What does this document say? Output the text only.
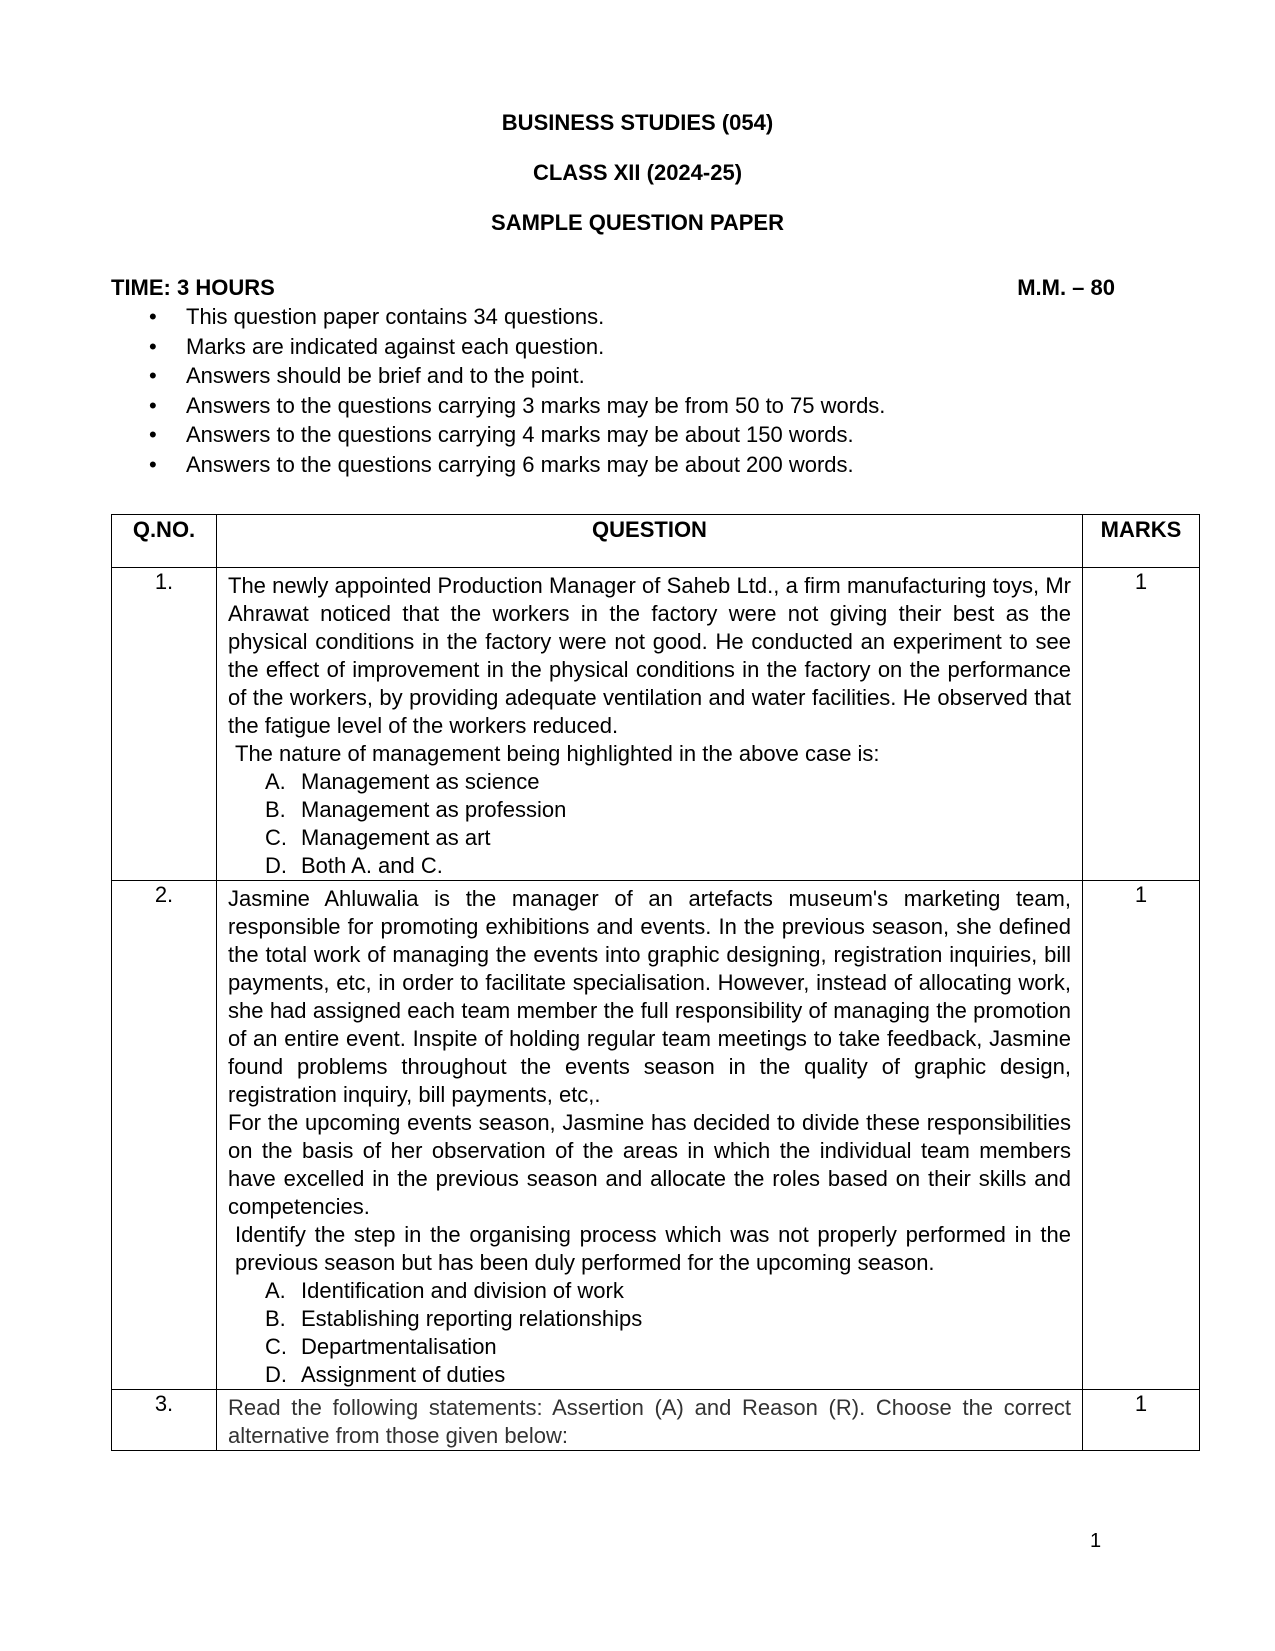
BUSINESS STUDIES (054)
CLASS XII (2024-25)
SAMPLE QUESTION PAPER
TIME: 3 HOURS	M.M. – 80
• This question paper contains 34 questions.
• Marks are indicated against each question.
• Answers should be brief and to the point.
• Answers to the questions carrying 3 marks may be from 50 to 75 words.
• Answers to the questions carrying 4 marks may be about 150 words.
• Answers to the questions carrying 6 marks may be about 200 words.
Q.NO.	QUESTION	MARKS
1.	The newly appointed Production Manager of Saheb Ltd., a firm manufacturing toys, Mr Ahrawat noticed that the workers in the factory were not giving their best as the physical conditions in the factory were not good. He conducted an experiment to see the effect of improvement in the physical conditions in the factory on the performance of the workers, by providing adequate ventilation and water facilities. He observed that the fatigue level of the workers reduced.

The nature of management being highlighted in the above case is:

A. Management as science
B. Management as profession
C. Management as art
D. Both A. and C.
	1
2.	Jasmine Ahluwalia is the manager of an artefacts museum's marketing team, responsible for promoting exhibitions and events. In the previous season, she defined the total work of managing the events into graphic designing, registration inquiries, bill payments, etc, in order to facilitate specialisation. However, instead of allocating work, she had assigned each team member the full responsibility of managing the promotion of an entire event. Inspite of holding regular team meetings to take feedback, Jasmine found problems throughout the events season in the quality of graphic design, registration inquiry, bill payments, etc,.

For the upcoming events season, Jasmine has decided to divide these responsibilities on the basis of her observation of the areas in which the individual team members have excelled in the previous season and allocate the roles based on their skills and competencies.

Identify the step in the organising process which was not properly performed in the previous season but has been duly performed for the upcoming season.

A. Identification and division of work
B. Establishing reporting relationships
C. Departmentalisation
D. Assignment of duties
	1
3.	Read the following statements: Assertion (A) and Reason (R). Choose the correct alternative from those given below:	1
1
